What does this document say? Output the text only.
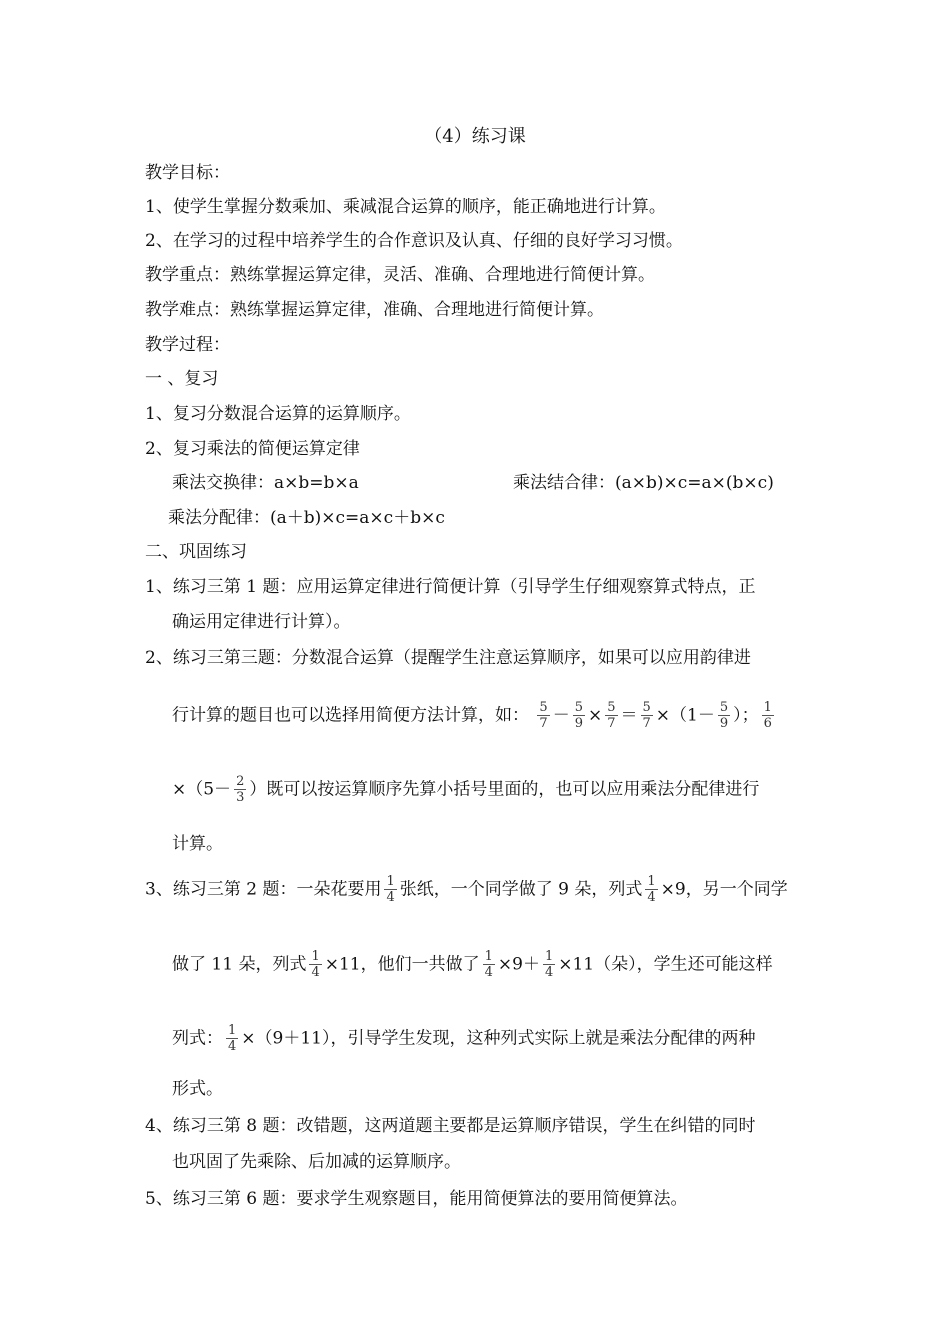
（4）练习课
教学目标：
1、使学生掌握分数乘加、乘减混合运算的顺序，能正确地进行计算。
2、在学习的过程中培养学生的合作意识及认真、仔细的良好学习习惯。
教学重点：熟练掌握运算定律，灵活、准确、合理地进行简便计算。
教学难点：熟练掌握运算定律，准确、合理地进行简便计算。
教学过程：
一 、复习
1、复习分数混合运算的运算顺序。
2、复习乘法的简便运算定律
乘法交换律：a×b=b×a	乘法结合律：(a×b)×c=a×(b×c)
乘法分配律：(a＋b)×c=a×c＋b×c
二、巩固练习
1、练习三第 1 题：应用运算定律进行简便计算（引导学生仔细观察算式特点，正
确运用定律进行计算）。
2、练习三第三题：分数混合运算（提醒学生注意运算顺序，如果可以应用韵律进
行计算的题目也可以选择用简便方法计算，如： $\frac{5}{7} - \frac{5}{9} \times \frac{5}{7} = \frac{5}{7} \times(1- \frac{5}{9}$ ）； $\frac{1}{6}$
$\times(5- \frac{2}{3}$ ）既可以按运算顺序先算小括号里面的，也可以应用乘法分配律进行
计算。
3、练习三第 2 题：一朵花要用 $\frac{1}{4}$ 张纸，一个同学做了 9 朵，列式 $\frac{1}{4} \times 9$，另一个同学
做了 11 朵，列式 $\frac{1}{4} \times 11$，他们一共做了 $\frac{1}{4} \times 9+ \frac{1}{4} \times 11$（朵），学生还可能这样
列式： $\frac{1}{4} \times(9+11)$，引导学生发现，这种列式实际上就是乘法分配律的两种
形式。
4、练习三第 8 题：改错题，这两道题主要都是运算顺序错误，学生在纠错的同时
也巩固了先乘除、后加减的运算顺序。
5、练习三第 6 题：要求学生观察题目，能用简便算法的要用简便算法。
